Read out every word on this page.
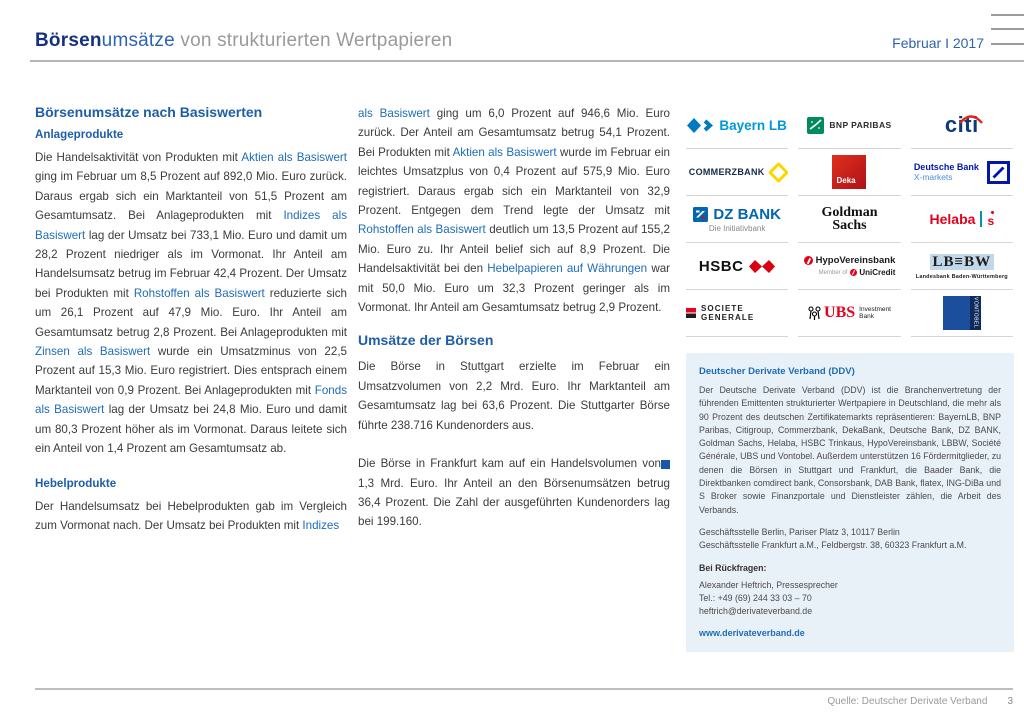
Börsenumsätze von strukturierten Wertpapieren	Februar I 2017
Börsenumsätze nach Basiswerten
Anlageprodukte

Die Handelsaktivität von Produkten mit Aktien als Basiswert ging im Februar um 8,5 Prozent auf 892,0 Mio. Euro zurück. Daraus ergab sich ein Marktanteil von 51,5 Prozent am Gesamtumsatz. Bei Anlageprodukten mit Indizes als Basiswert lag der Umsatz bei 733,1 Mio. Euro und damit um 28,2 Prozent niedriger als im Vormonat. Ihr Anteil am Handelsumsatz betrug im Februar 42,4 Prozent. Der Umsatz bei Produkten mit Rohstoffen als Basiswert reduzierte sich um 26,1 Prozent auf 47,9 Mio. Euro. Ihr Anteil am Gesamtumsatz betrug 2,8 Prozent. Bei Anlageprodukten mit Zinsen als Basiswert wurde ein Umsatzminus von 22,5 Prozent auf 15,3 Mio. Euro registriert. Dies entsprach einem Marktanteil von 0,9 Prozent. Bei Anlageprodukten mit Fonds als Basiswert lag der Umsatz bei 24,8 Mio. Euro und damit um 80,3 Prozent höher als im Vormonat. Daraus leitete sich ein Anteil von 1,4 Prozent am Gesamtumsatz ab.

Hebelprodukte

Der Handelsumsatz bei Hebelprodukten gab im Vergleich zum Vormonat nach. Der Umsatz bei Produkten mit Indizes

als Basiswert ging um 6,0 Prozent auf 946,6 Mio. Euro zurück. Der Anteil am Gesamtumsatz betrug 54,1 Prozent. Bei Produkten mit Aktien als Basiswert wurde im Februar ein leichtes Umsatzplus von 0,4 Prozent auf 575,9 Mio. Euro registriert. Daraus ergab sich ein Marktanteil von 32,9 Prozent. Entgegen dem Trend legte der Umsatz mit Rohstoffen als Basiswert deutlich um 13,5 Prozent auf 155,2 Mio. Euro zu. Ihr Anteil belief sich auf 8,9 Prozent. Die Handelsaktivität bei den Hebelpapieren auf Währungen war mit 50,0 Mio. Euro um 32,3 Prozent geringer als im Vormonat. Ihr Anteil am Gesamtumsatz betrug 2,9 Prozent.

Umsätze der Börsen

Die Börse in Stuttgart erzielte im Februar ein Umsatzvolumen von 2,2 Mrd. Euro. Ihr Marktanteil am Gesamtumsatz lag bei 63,6 Prozent. Die Stuttgarter Börse führte 238.716 Kundenorders aus.

Die Börse in Frankfurt kam auf ein Handelsvolumen von 1,3 Mrd. Euro. Ihr Anteil an den Börsenumsätzen betrug 36,4 Prozent. Die Zahl der ausgeführten Kundenorders lag bei 199.160.

Bayern LB	BNP PARIBAS citi
COMMERZBANK
Deka
Deutsche Bank
X-markets
DZ BANK
Die Initiativbank
Goldman
Sachs	Helaba s
HSBC	HypoVereinsbank
Member of UniCredit
LB≡BW
Landesbank Baden-Württemberg
SOCIETE GENERALE	UBS Investment
Bank	VONTOBEL
Deutscher Derivate Verband (DDV)

Der Deutsche Derivate Verband (DDV) ist die Branchenvertretung der führenden Emittenten strukturierter Wertpapiere in Deutschland, die mehr als 90 Prozent des deutschen Zertifikatemarkts repräsentieren: BayernLB, BNP Paribas, Citigroup, Commerzbank, DekaBank, Deutsche Bank, DZ BANK, Goldman Sachs, Helaba, HSBC Trinkaus, HypoVereinsbank, LBBW, Société Générale, UBS und Vontobel. Außerdem unterstützen 16 Fördermitglieder, zu denen die Börsen in Stuttgart und Frankfurt, die Baader Bank, die Direktbanken comdirect bank, Consorsbank, DAB Bank, flatex, ING-DiBa und S Broker sowie Finanzportale und Dienstleister zählen, die Arbeit des Verbands.

Geschäftsstelle Berlin, Pariser Platz 3, 10117 Berlin

Geschäftsstelle Frankfurt a.M., Feldbergstr. 38, 60323 Frankfurt a.M.

Bei Rückfragen:

Alexander Heftrich, Pressesprecher

Tel.: +49 (69) 244 33 03 – 70

heftrich@derivateverband.de

www.derivateverband.de

Quelle: Deutscher Derivate Verband 3
